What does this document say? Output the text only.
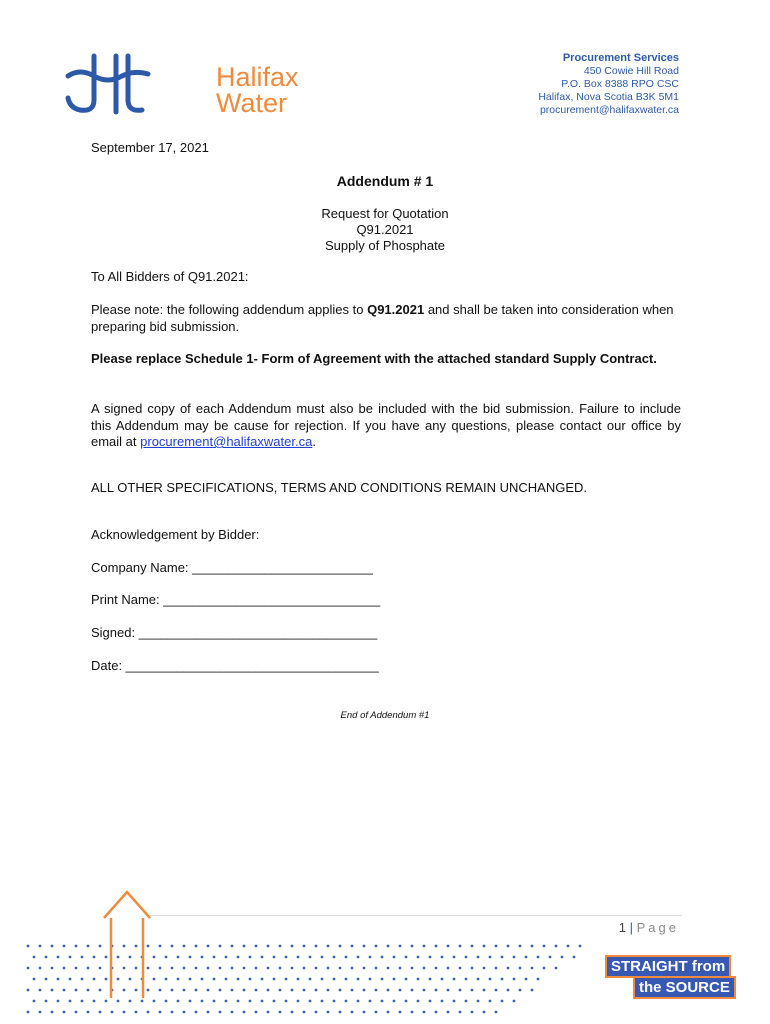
Halifax
Water
Procurement Services
450 Cowie Hill Road
P.O. Box 8388 RPO CSC
Halifax, Nova Scotia B3K 5M1
procurement@halifaxwater.ca
September 17, 2021
Addendum # 1
Request for Quotation
Q91.2021
Supply of Phosphate
To All Bidders of Q91.2021:
Please note: the following addendum applies to Q91.2021 and shall be taken into consideration when preparing bid submission.
Please replace Schedule 1- Form of Agreement with the attached standard Supply Contract.
A signed copy of each Addendum must also be included with the bid submission. Failure to include this Addendum may be cause for rejection. If you have any questions, please contact our office by email at procurement@halifaxwater.ca.
ALL OTHER SPECIFICATIONS, TERMS AND CONDITIONS REMAIN UNCHANGED.
Acknowledgement by Bidder:
Company Name: _________________________
Print Name: ______________________________
Signed: _________________________________
Date: ___________________________________
End of Addendum #1
1 | Page
STRAIGHT from
the SOURCE
